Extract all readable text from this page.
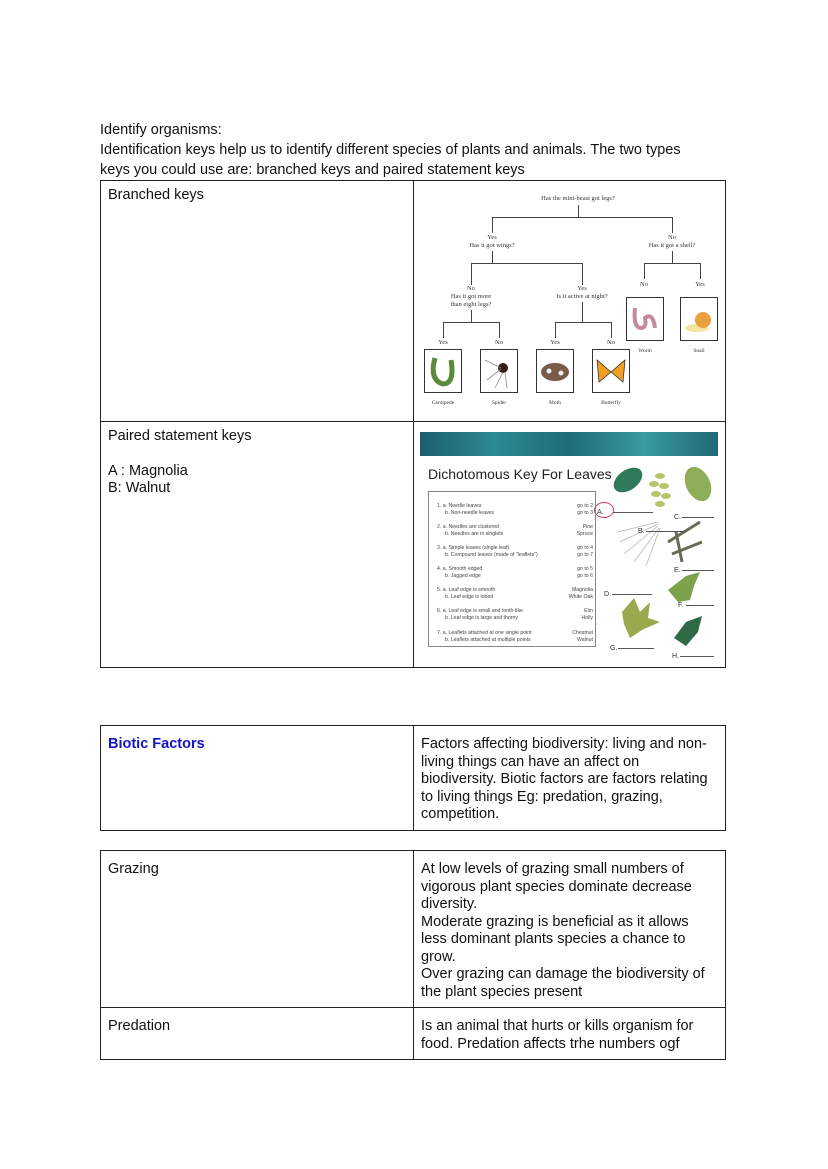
Identify organisms:
Identification keys help us to identify different species of plants and animals. The two types
keys you could use are: branched keys and paired statement keys
Branched keys	Has the mini-beast got legs?
Yes
Has it got wings?
No
Has it got a shell?
No
Has it got more
than eight legs?
Yes
Is it active at night?
No	Yes
Yes	No	Yes	No
Centipede	Spider	Moth	Butterfly
Worm	Snail

Paired statement keys
A : Magnolia
B: Walnut

Dichotomous Key For Leaves
1. a. Needle leaves	go to 2
b. Non-needle leaves	go to 3
2. a. Needles are clustered	Pine
b. Needles are in singlets	Spruce
3. a. Simple leaves (single leaf)	go to 4
b. Compound leaves (made of "leaflets")	go to 7
4. a. Smooth edged	go to 5
b. Jagged edge	go to 6
5. a. Leaf edge is smooth	Magnolia
b. Leaf edge is lobed	White Oak
6. a. Leaf edge is small and tooth-like	Elm
b. Leaf edge is large and thorny	Holly
7. a. Leaflets attached at one single point	Chestnut
b. Leaflets attached at multiple points	Walnut
A.
B.
C.
D.
E.
F.
G.
H.
Biotic Factors	Factors affecting biodiversity: living and non- living things can have an affect on biodiversity. Biotic factors are factors relating to living things Eg: predation, grazing, competition.
Grazing	At low levels of grazing small numbers of vigorous plant species dominate decrease diversity.
Moderate grazing is beneficial as it allows less dominant plants species a chance to grow.
Over grazing can damage the biodiversity of the plant species present

Predation	Is an animal that hurts or kills organism for food. Predation affects trhe numbers ogf
